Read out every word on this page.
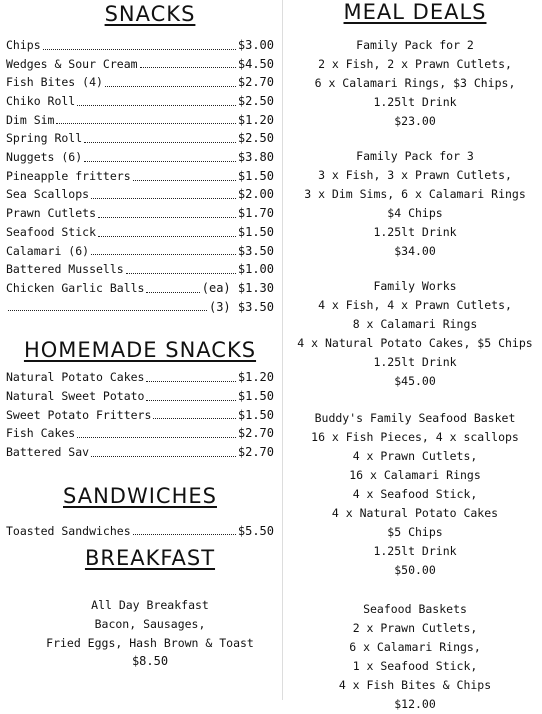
SNACKS
Chips	$3.00
Wedges & Sour Cream	$4.50
Fish Bites (4)	$2.70
Chiko Roll	$2.50
Dim Sim	$1.20
Spring Roll	$2.50
Nuggets (6)	$3.80
Pineapple fritters	$1.50
Sea Scallops	$2.00
Prawn Cutlets	$1.70
Seafood Stick	$1.50
Calamari (6)	$3.50
Battered Mussells	$1.00
Chicken Garlic Balls	(ea) $1.30
(3) $3.50
HOMEMADE SNACKS
Natural Potato Cakes	$1.20
Natural Sweet Potato	$1.50
Sweet Potato Fritters	$1.50
Fish Cakes	$2.70
Battered Sav	$2.70
SANDWICHES
Toasted Sandwiches	$5.50
BREAKFAST
All Day Breakfast
Bacon, Sausages,
Fried Eggs, Hash Brown & Toast
$8.50
MEAL DEALS
Family Pack for 2
2 x Fish, 2 x Prawn Cutlets,
6 x Calamari Rings, $3 Chips,
1.25lt Drink
$23.00
Family Pack for 3
3 x Fish, 3 x Prawn Cutlets,
3 x Dim Sims, 6 x Calamari Rings
$4 Chips
1.25lt Drink
$34.00
Family Works
4 x Fish, 4 x Prawn Cutlets,
8 x Calamari Rings
4 x Natural Potato Cakes, $5 Chips
1.25lt Drink
$45.00
Buddy's Family Seafood Basket
16 x Fish Pieces, 4 x scallops
4 x Prawn Cutlets,
16 x Calamari Rings
4 x Seafood Stick,
4 x Natural Potato Cakes
$5 Chips
1.25lt Drink
$50.00
Seafood Baskets
2 x Prawn Cutlets,
6 x Calamari Rings,
1 x Seafood Stick,
4 x Fish Bites & Chips
$12.00
